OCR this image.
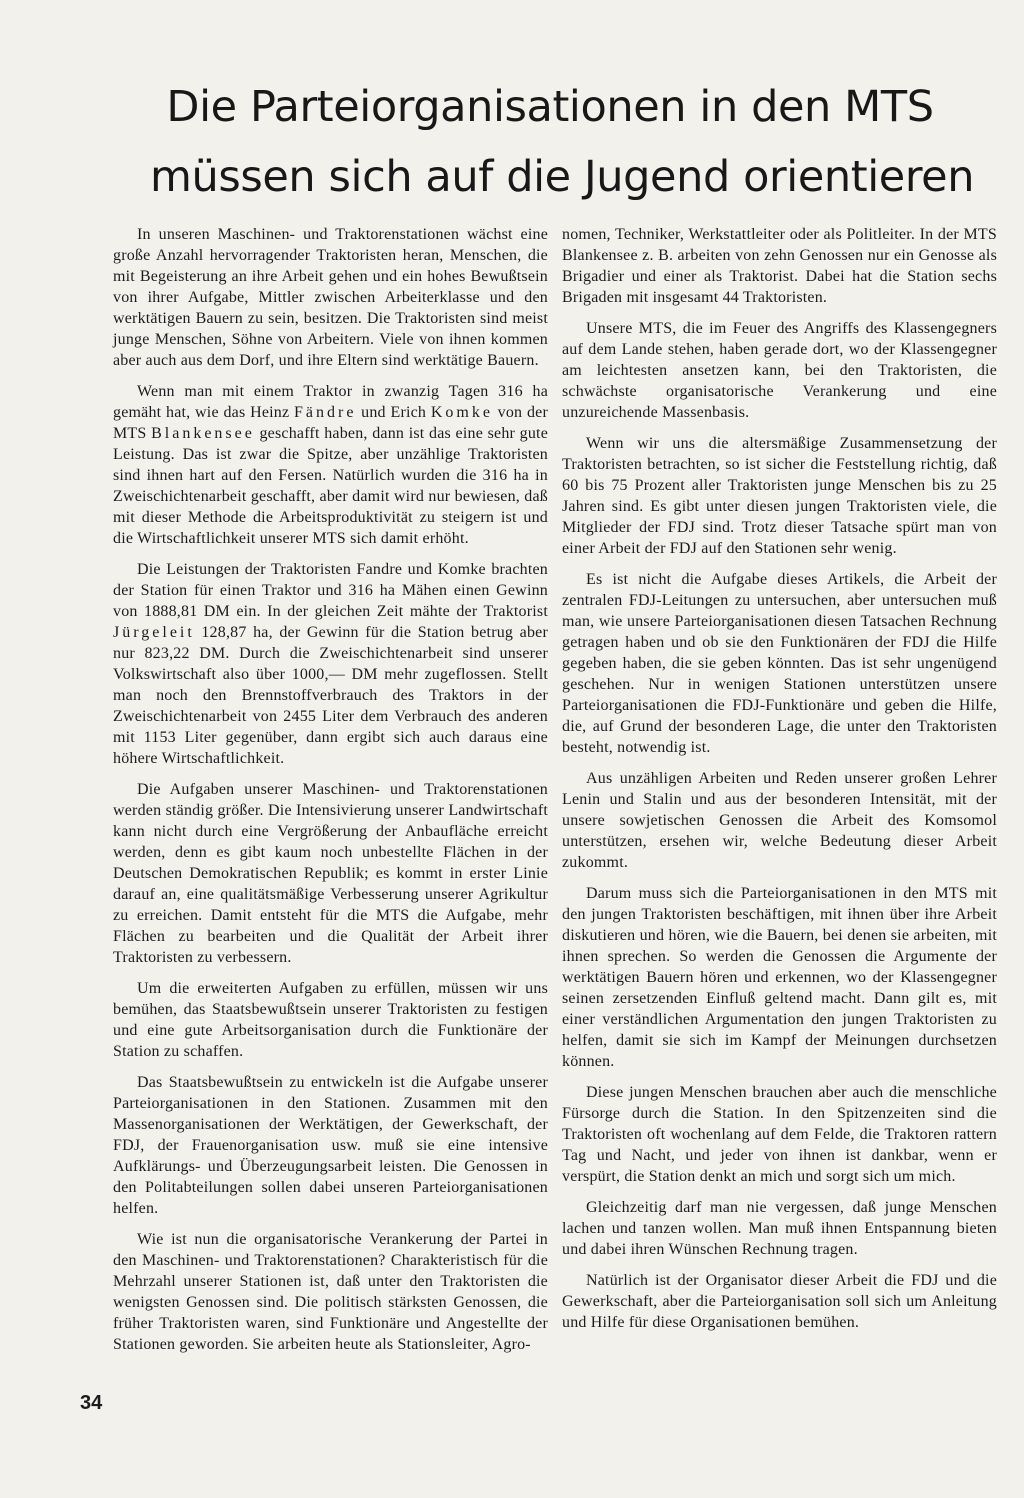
Die Parteiorganisationen in den MTS
müssen sich auf die Jugend orientieren

In unseren Maschinen- und Traktorenstationen wächst eine große Anzahl hervorragender Traktoristen heran, Menschen, die mit Begeisterung an ihre Arbeit gehen und ein hohes Bewußtsein von ihrer Aufgabe, Mittler zwischen Arbeiterklasse und den werktätigen Bauern zu sein, besitzen. Die Traktoristen sind meist junge Menschen, Söhne von Arbeitern. Viele von ihnen kommen aber auch aus dem Dorf, und ihre Eltern sind werktätige Bauern.

Wenn man mit einem Traktor in zwanzig Tagen 316 ha gemäht hat, wie das Heinz Fändre und Erich Komke von der MTS Blankensee geschafft haben, dann ist das eine sehr gute Leistung. Das ist zwar die Spitze, aber unzählige Traktoristen sind ihnen hart auf den Fersen. Natürlich wurden die 316 ha in Zweischichtenarbeit geschafft, aber damit wird nur bewiesen, daß mit dieser Methode die Arbeitsproduktivität zu steigern ist und die Wirtschaftlichkeit unserer MTS sich damit erhöht.

Die Leistungen der Traktoristen Fandre und Komke brachten der Station für einen Traktor und 316 ha Mähen einen Gewinn von 1888,81 DM ein. In der gleichen Zeit mähte der Traktorist Jürgeleit 128,87 ha, der Gewinn für die Station betrug aber nur 823,22 DM. Durch die Zweischichtenarbeit sind unserer Volkswirtschaft also über 1000,— DM mehr zugeflossen. Stellt man noch den Brennstoffverbrauch des Traktors in der Zweischichtenarbeit von 2455 Liter dem Verbrauch des anderen mit 1153 Liter gegenüber, dann ergibt sich auch daraus eine höhere Wirtschaftlichkeit.

Die Aufgaben unserer Maschinen- und Traktorenstationen werden ständig größer. Die Intensivierung unserer Landwirtschaft kann nicht durch eine Vergrößerung der Anbaufläche erreicht werden, denn es gibt kaum noch unbestellte Flächen in der Deutschen Demokratischen Republik; es kommt in erster Linie darauf an, eine qualitätsmäßige Verbesserung unserer Agrikultur zu erreichen. Damit entsteht für die MTS die Aufgabe, mehr Flächen zu bearbeiten und die Qualität der Arbeit ihrer Traktoristen zu verbessern.

Um die erweiterten Aufgaben zu erfüllen, müssen wir uns bemühen, das Staatsbewußtsein unserer Traktoristen zu festigen und eine gute Arbeitsorganisation durch die Funktionäre der Station zu schaffen.

Das Staatsbewußtsein zu entwickeln ist die Aufgabe unserer Parteiorganisationen in den Stationen. Zusammen mit den Massenorganisationen der Werktätigen, der Gewerkschaft, der FDJ, der Frauenorganisation usw. muß sie eine intensive Aufklärungs- und Überzeugungsarbeit leisten. Die Genossen in den Politabteilungen sollen dabei unseren Parteiorganisationen helfen.

Wie ist nun die organisatorische Verankerung der Partei in den Maschinen- und Traktorenstationen? Charakteristisch für die Mehrzahl unserer Stationen ist, daß unter den Traktoristen die wenigsten Genossen sind. Die politisch stärksten Genossen, die früher Traktoristen waren, sind Funktionäre und Angestellte der Stationen geworden. Sie arbeiten heute als Stationsleiter, Agro-

nomen, Techniker, Werkstattleiter oder als Politleiter. In der MTS Blankensee z. B. arbeiten von zehn Genossen nur ein Genosse als Brigadier und einer als Traktorist. Dabei hat die Station sechs Brigaden mit insgesamt 44 Traktoristen.

Unsere MTS, die im Feuer des Angriffs des Klassengegners auf dem Lande stehen, haben gerade dort, wo der Klassengegner am leichtesten ansetzen kann, bei den Traktoristen, die schwächste organisatorische Verankerung und eine unzureichende Massenbasis.

Wenn wir uns die altersmäßige Zusammensetzung der Traktoristen betrachten, so ist sicher die Feststellung richtig, daß 60 bis 75 Prozent aller Traktoristen junge Menschen bis zu 25 Jahren sind. Es gibt unter diesen jungen Traktoristen viele, die Mitglieder der FDJ sind. Trotz dieser Tatsache spürt man von einer Arbeit der FDJ auf den Stationen sehr wenig.

Es ist nicht die Aufgabe dieses Artikels, die Arbeit der zentralen FDJ-Leitungen zu untersuchen, aber untersuchen muß man, wie unsere Parteiorganisationen diesen Tatsachen Rechnung getragen haben und ob sie den Funktionären der FDJ die Hilfe gegeben haben, die sie geben könnten. Das ist sehr ungenügend geschehen. Nur in wenigen Stationen unterstützen unsere Parteiorganisationen die FDJ-Funktionäre und geben die Hilfe, die, auf Grund der besonderen Lage, die unter den Traktoristen besteht, notwendig ist.

Aus unzähligen Arbeiten und Reden unserer großen Lehrer Lenin und Stalin und aus der besonderen Intensität, mit der unsere sowjetischen Genossen die Arbeit des Komsomol unterstützen, ersehen wir, welche Bedeutung dieser Arbeit zukommt.

Darum muss sich die Parteiorganisationen in den MTS mit den jungen Traktoristen beschäftigen, mit ihnen über ihre Arbeit diskutieren und hören, wie die Bauern, bei denen sie arbeiten, mit ihnen sprechen. So werden die Genossen die Argumente der werktätigen Bauern hören und erkennen, wo der Klassengegner seinen zersetzenden Einfluß geltend macht. Dann gilt es, mit einer verständlichen Argumentation den jungen Traktoristen zu helfen, damit sie sich im Kampf der Meinungen durchsetzen können.

Diese jungen Menschen brauchen aber auch die menschliche Fürsorge durch die Station. In den Spitzenzeiten sind die Traktoristen oft wochenlang auf dem Felde, die Traktoren rattern Tag und Nacht, und jeder von ihnen ist dankbar, wenn er verspürt, die Station denkt an mich und sorgt sich um mich.

Gleichzeitig darf man nie vergessen, daß junge Menschen lachen und tanzen wollen. Man muß ihnen Entspannung bieten und dabei ihren Wünschen Rechnung tragen.

Natürlich ist der Organisator dieser Arbeit die FDJ und die Gewerkschaft, aber die Parteiorganisation soll sich um Anleitung und Hilfe für diese Organisationen bemühen.

34
